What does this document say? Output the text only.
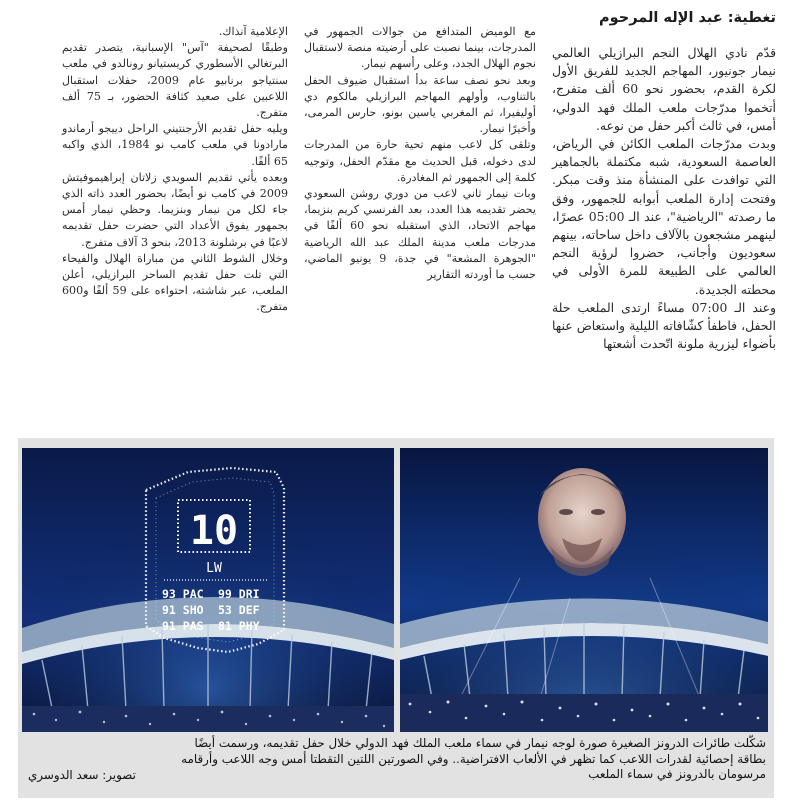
تغطية: عبد الإله المرحوم

قدّم نادي الهلال النجم البرازيلي العالمي نيمار جونيور، المهاجم الجديد للفريق الأول لكرة القدم، بحضور نحو 60 ألف متفرج، أتخموا مدرّجات ملعب الملك فهد الدولي، أمس، في ثالث أكبر حفل من نوعه.

وبدت مدرّجات الملعب الكائن في الرياض، العاصمة السعودية، شبه مكتملة بالجماهير التي توافدت على المنشأة منذ وقت مبكر. وفتحت إدارة الملعب أبوابه للجمهور، وفق ما رصدته "الرياضية"، عند الـ 05:00 عصرًا، لينهمر مشجعون بالآلاف داخل ساحاته، بينهم سعوديون وأجانب، حضروا لرؤية النجم العالمي على الطبيعة للمرة الأولى في محطته الجديدة.

وعند الـ 07:00 مساءً ارتدى الملعب حلة الحفل، فاطفأ كشّافاته الليلية واستعاض عنها بأضواء ليزرية ملونة اتّحدت أشعتها

مع الوميض المتدافع من جوالات الجمهور في المدرجات، بينما نصبت على أرضيته منصة لاستقبال نجوم الهلال الجدد، وعلى رأسهم نيمار.

وبعد نحو نصف ساعة بدأ استقبال ضيوف الحفل بالتناوب، وأولهم المهاجم البرازيلي مالكوم دي أوليفيرا، ثم المغربي ياسين بونو، حارس المرمى، وأخيرًا نيمار.

وتلقى كل لاعب منهم تحية حارة من المدرجات لدى دخوله، قبل الحديث مع مقدّم الحفل، وتوجيه كلمة إلى الجمهور ثم المغادرة.

وبات نيمار ثاني لاعب من دوري روشن السعودي يحضر تقديمه هذا العدد، بعد الفرنسي كريم بنزيما، مهاجم الاتحاد، الذي استقبله نحو 60 ألفًا في مدرجات ملعب مدينة الملك عبد الله الرياضية "الجوهرة المشعة" في جدة، 9 يونيو الماضي، حسب ما أوردته التقارير

الإعلامية آنذاك.

وطبقًا لصحيفة "آس" الإسبانية، يتصدر تقديم البرتغالي الأسطوري كريستيانو رونالدو في ملعب سنتياجو برنابيو عام 2009، حفلات استقبال اللاعبين على صعيد كثافة الحضور، بـ 75 ألف متفرج.

ويليه حفل تقديم الأرجنتيني الراحل دييجو أرماندو مارادونا في ملعب كامب نو 1984، الذي واكبه 65 ألفًا.

وبعده يأتي تقديم السويدي زلاتان إبراهيموفيتش 2009 في كامب نو أيضًا، بحضور العدد ذاته الذي جاء لكل من نيمار وبنزيما. وحظي نيمار أمس بجمهور يفوق الأعداد التي حضرت حفل تقديمه لاعبًا في برشلونة 2013، بنحو 3 آلاف متفرج.

وخلال الشوط الثاني من مباراة الهلال والفيحاء التي تلت حفل تقديم الساحر البرازيلي، أعلن الملعب، عبر شاشته، احتواءه على 59 ألفًا و600 متفرج.

10
LW
93 PAC
91 SHO
91 PAS
99 DRI
53 DEF
81 PHY

شكّلت طائرات الدرونز الصغيرة صورة لوجه نيمار في سماء ملعب الملك فهد الدولي خلال حفل تقديمه، ورسمت أيضًا

بطاقة إحصائية لقدرات اللاعب كما تظهر في الألعاب الافتراضية.. وفي الصورتين اللتين التقطتا أمس وجه اللاعب وأرقامه

مرسومان بالدرونز في سماء الملعب

تصوير: سعد الدوسري
